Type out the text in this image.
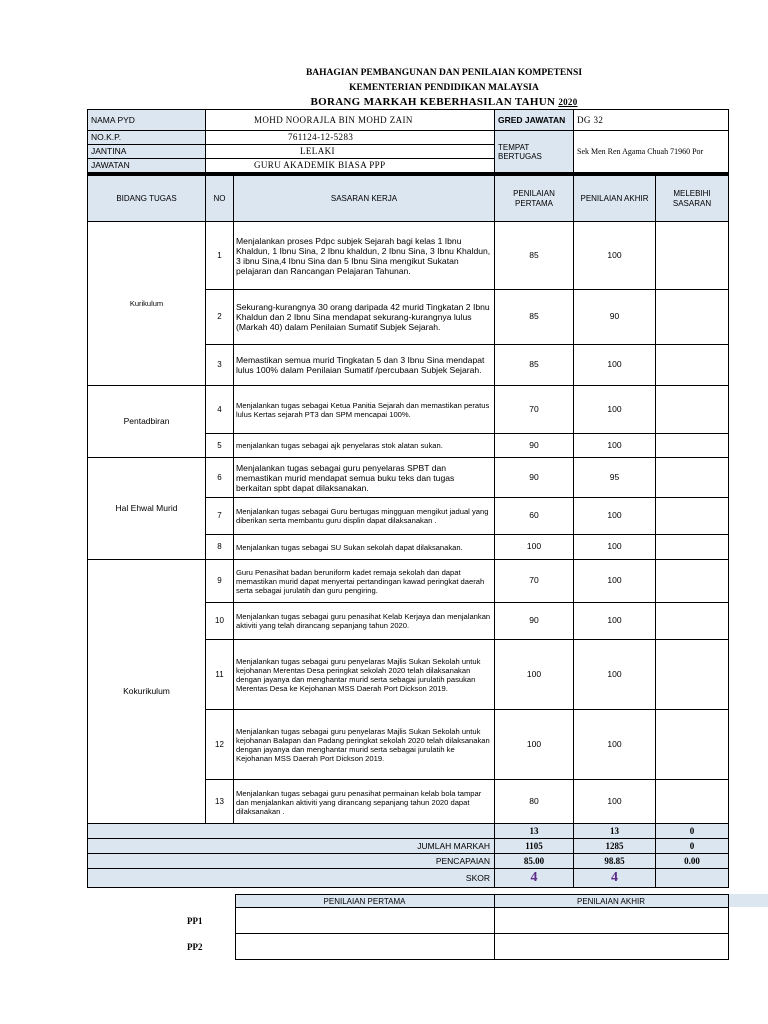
BAHAGIAN PEMBANGUNAN DAN PENILAIAN KOMPETENSI
KEMENTERIAN PENDIDIKAN MALAYSIA
BORANG MARKAH KEBERHASILAN TAHUN 2020
NAMA PYD	MOHD NOORAJLA BIN MOHD ZAIN	GRED JAWATAN	DG 32
NO.K.P.	761124-12-5283	TEMPAT BERTUGAS	Sek Men Ren Agama Chuah 71960 Por
JANTINA	LELAKI		
JAWATAN	GURU AKADEMIK BIASA PPP		
BIDANG TUGAS	NO	SASARAN KERJA	PENILAIAN PERTAMA	PENILAIAN AKHIR	MELEBIHI SASARAN
Kurikulum	1	Menjalankan proses Pdpc subjek Sejarah bagi kelas 1 Ibnu Khaldun, 1 Ibnu Sina, 2 Ibnu khaldun, 2 Ibnu Sina, 3 Ibnu Khaldun, 3 ibnu Sina,4 Ibnu Sina dan 5 Ibnu Sina mengikut Sukatan pelajaran dan Rancangan Pelajaran Tahunan.	85	100	
	2	Sekurang-kurangnya 30 orang daripada 42 murid Tingkatan 2 Ibnu Khaldun dan 2 Ibnu Sina mendapat sekurang-kurangnya lulus (Markah 40) dalam Penilaian Sumatif Subjek Sejarah.	85	90	
	3	Memastikan semua murid Tingkatan 5 dan 3 Ibnu Sina mendapat lulus 100% dalam Penilaian Sumatif /percubaan Subjek Sejarah.	85	100	
Pentadbiran	4	Menjalankan tugas sebagai Ketua Panitia Sejarah dan memastikan peratus lulus Kertas sejarah PT3 dan SPM mencapai 100%.	70	100	
	5	menjalankan tugas sebagai ajk penyelaras stok alatan sukan.	90	100	
Hal Ehwal Murid	6	Menjalankan tugas sebagai guru penyelaras SPBT dan memastikan murid mendapat semua buku teks dan tugas berkaitan spbt dapat dilaksanakan.	90	95	
	7	Menjalankan tugas sebagai Guru bertugas mingguan mengikut jadual yang diberikan serta membantu guru displin dapat dilaksanakan .	60	100	
	8	Menjalankan tugas sebagai SU Sukan sekolah dapat dilaksanakan.	100	100	
Kokurikulum	9	Guru Penasihat badan beruniform kadet remaja sekolah dan dapat memastikan murid dapat menyertai pertandingan kawad peringkat daerah serta sebagai jurulatih dan guru pengiring.	70	100	
	10	Menjalankan tugas sebagai guru penasihat Kelab Kerjaya dan menjalankan aktiviti yang telah dirancang sepanjang tahun 2020.	90	100	
	11	Menjalankan tugas sebagai guru penyelaras Majlis Sukan Sekolah untuk kejohanan Merentas Desa peringkat sekolah 2020 telah dilaksanakan dengan jayanya dan menghantar murid serta sebagai jurulatih pasukan Merentas Desa ke Kejohanan MSS Daerah Port Dickson 2019.	100	100	
	12	Menjalankan tugas sebagai guru penyelaras Majlis Sukan Sekolah untuk kejohanan Balapan dan Padang peringkat sekolah 2020 telah dilaksanakan dengan jayanya dan menghantar murid serta sebagai jurulatih ke Kejohanan MSS Daerah Port Dickson 2019.	100	100	
	13	Menjalankan tugas sebagai guru penasihat permainan kelab bola tampar dan menjalankan aktiviti yang dirancang sepanjang tahun 2020 dapat dilaksanakan .	80	100	
	13	13	0
JUMLAH MARKAH	1105	1285	0
PENCAPAIAN	85.00	98.85	0.00
SKOR	4	4	
	PENILAIAN PERTAMA	PENILAIAN AKHIR
PP1		
PP2		
